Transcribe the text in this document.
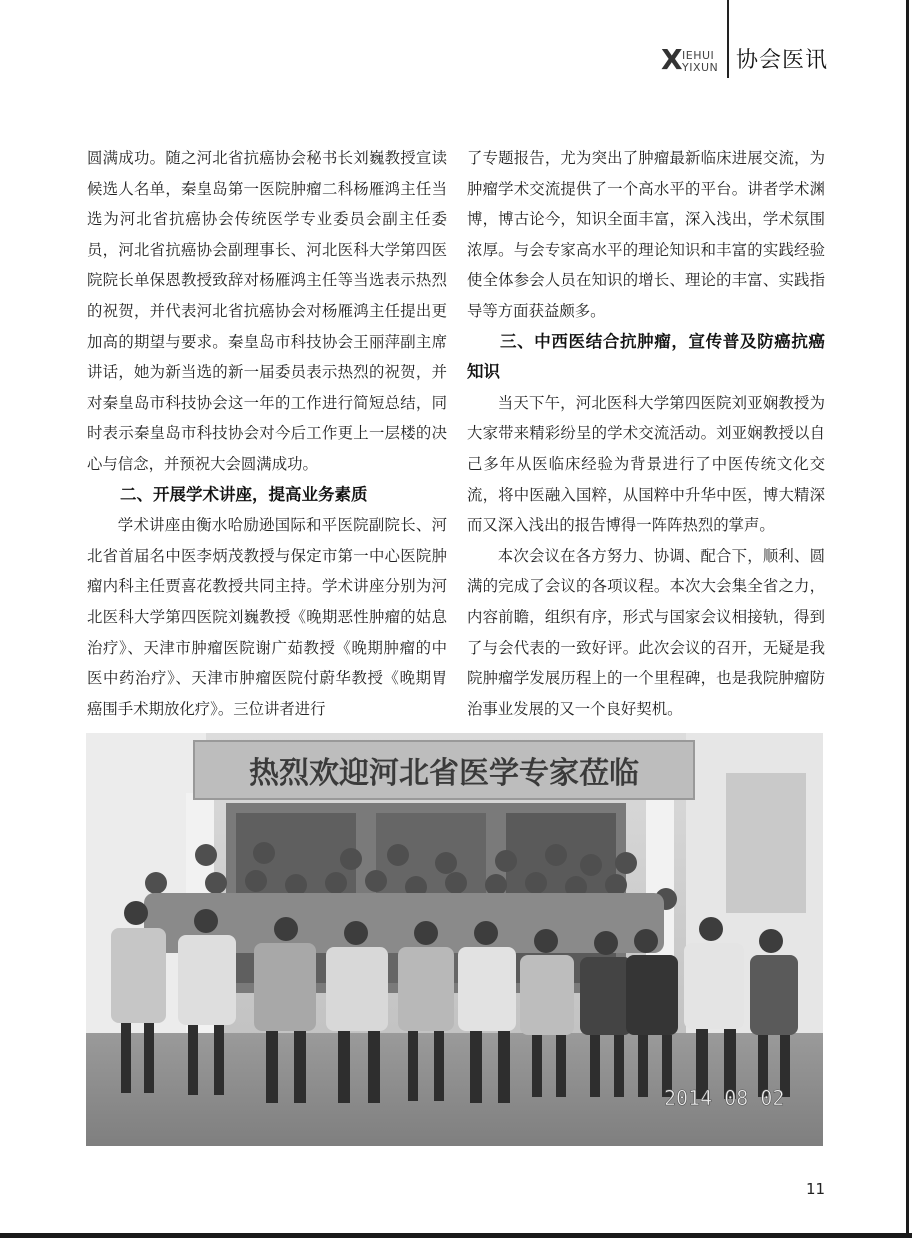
X IEHUI
YIXUN 协会医讯

圆满成功。随之河北省抗癌协会秘书长刘巍教授宣读候选人名单，秦皇岛第一医院肿瘤二科杨雁鸿主任当选为河北省抗癌协会传统医学专业委员会副主任委员，河北省抗癌协会副理事长、河北医科大学第四医院院长单保恩教授致辞对杨雁鸿主任等当选表示热烈的祝贺，并代表河北省抗癌协会对杨雁鸿主任提出更加高的期望与要求。秦皇岛市科技协会王丽萍副主席讲话，她为新当选的新一届委员表示热烈的祝贺，并对秦皇岛市科技协会这一年的工作进行简短总结，同时表示秦皇岛市科技协会对今后工作更上一层楼的决心与信念，并预祝大会圆满成功。

二、开展学术讲座，提高业务素质

学术讲座由衡水哈励逊国际和平医院副院长、河北省首届名中医李炳茂教授与保定市第一中心医院肿瘤内科主任贾喜花教授共同主持。学术讲座分别为河北医科大学第四医院刘巍教授《晚期恶性肿瘤的姑息治疗》、天津市肿瘤医院谢广茹教授《晚期肿瘤的中医中药治疗》、天津市肿瘤医院付蔚华教授《晚期胃癌围手术期放化疗》。三位讲者进行

了专题报告，尤为突出了肿瘤最新临床进展交流，为肿瘤学术交流提供了一个高水平的平台。讲者学术渊博，博古论今，知识全面丰富，深入浅出，学术氛围浓厚。与会专家高水平的理论知识和丰富的实践经验使全体参会人员在知识的增长、理论的丰富、实践指导等方面获益颇多。

三、中西医结合抗肿瘤，宣传普及防癌抗癌知识

当天下午，河北医科大学第四医院刘亚娴教授为大家带来精彩纷呈的学术交流活动。刘亚娴教授以自己多年从医临床经验为背景进行了中医传统文化交流，将中医融入国粹，从国粹中升华中医，博大精深而又深入浅出的报告博得一阵阵热烈的掌声。

本次会议在各方努力、协调、配合下，顺利、圆满的完成了会议的各项议程。本次大会集全省之力，内容前瞻，组织有序，形式与国家会议相接轨，得到了与会代表的一致好评。此次会议的召开，无疑是我院肿瘤学发展历程上的一个里程碑，也是我院肿瘤防治事业发展的又一个良好契机。

热烈欢迎河北省医学专家莅临
2014 08 02
11
